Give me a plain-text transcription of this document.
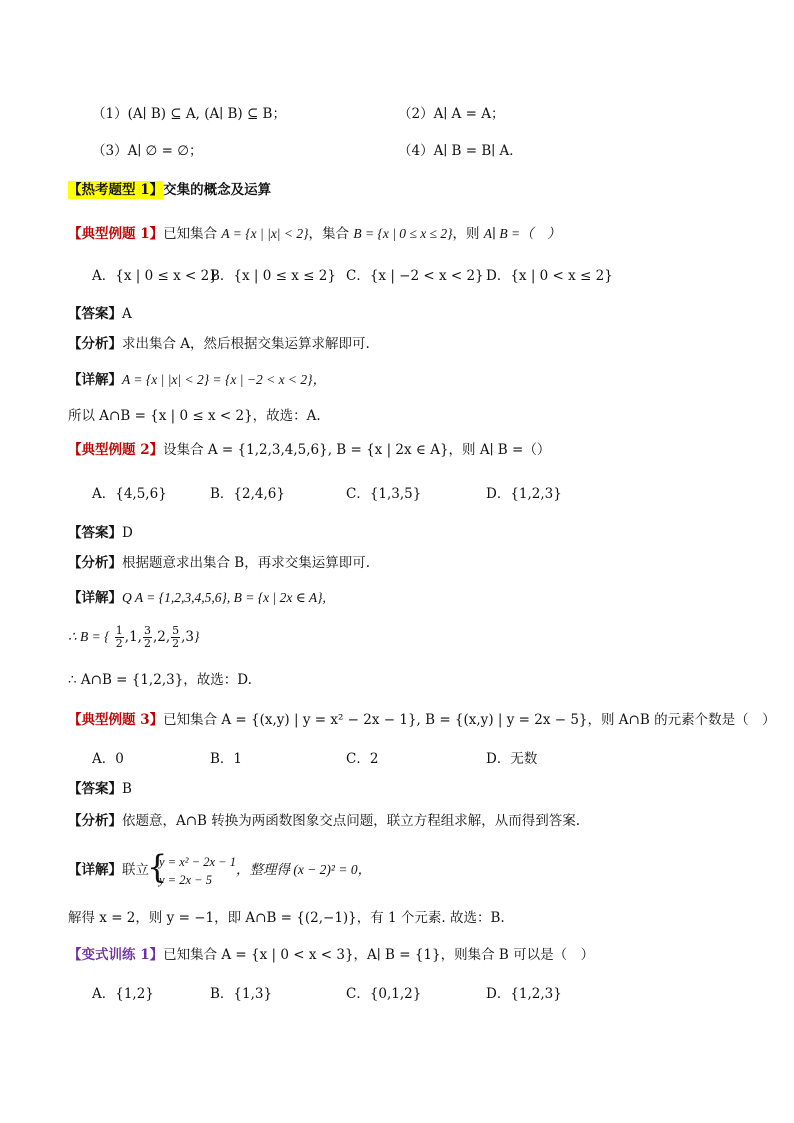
（1）(A∣ B) ⊆ A, (A∣ B) ⊆ B；	（2）A∣ A = A；
（3）A∣ ∅ = ∅；	（4）A∣ B = B∣ A．
【热考题型 1】交集的概念及运算
【典型例题 1】已知集合 A = {x | |x| < 2}，集合 B = {x | 0 ≤ x ≤ 2}，则 A∣ B =（　）
A．{x | 0 ≤ x < 2}
B．{x | 0 ≤ x ≤ 2} C．{x | −2 < x < 2} D．{x | 0 < x ≤ 2}
【答案】A
【分析】求出集合 A，然后根据交集运算求解即可.
【详解】A = {x | |x| < 2} = {x | −2 < x < 2}，
所以 A∩B = {x | 0 ≤ x < 2}，故选：A.
【典型例题 2】设集合 A = {1,2,3,4,5,6}, B = {x | 2x ∈ A}，则 A∣ B =（）
A．{4,5,6}	B．{2,4,6}	C．{1,3,5}	D．{1,2,3}
【答案】D
【分析】根据题意求出集合 B，再求交集运算即可.
【详解】Q A = {1,2,3,4,5,6}, B = {x | 2x ∈ A},
∴ B = { $\frac{1}{2} ,1$, $\frac{3}{2} ,2$, $\frac{5}{2} ,3$}
∴ A∩B = {1,2,3}，故选：D.
【典型例题 3】已知集合 A = {(x,y) | y = x² − 2x − 1}, B = {(x,y) | y = 2x − 5}，则 A∩B 的元素个数是（　）
A．0	B．1	C．2	D．无数
【答案】B
【分析】依题意，A∩B 转换为两函数图象交点问题，联立方程组求解，从而得到答案.
【详解】联立
{ y = x² − 2x − 1
y = 2x − 5
，整理得 (x − 2)² = 0，
解得 x = 2，则 y = −1，即 A∩B = {(2,−1)}，有 1 个元素. 故选：B.
【变式训练 1】已知集合 A = {x | 0 < x < 3}，A∣ B = {1}，则集合 B 可以是（　）
A．{1,2}	B．{1,3}	C．{0,1,2}	D．{1,2,3}
